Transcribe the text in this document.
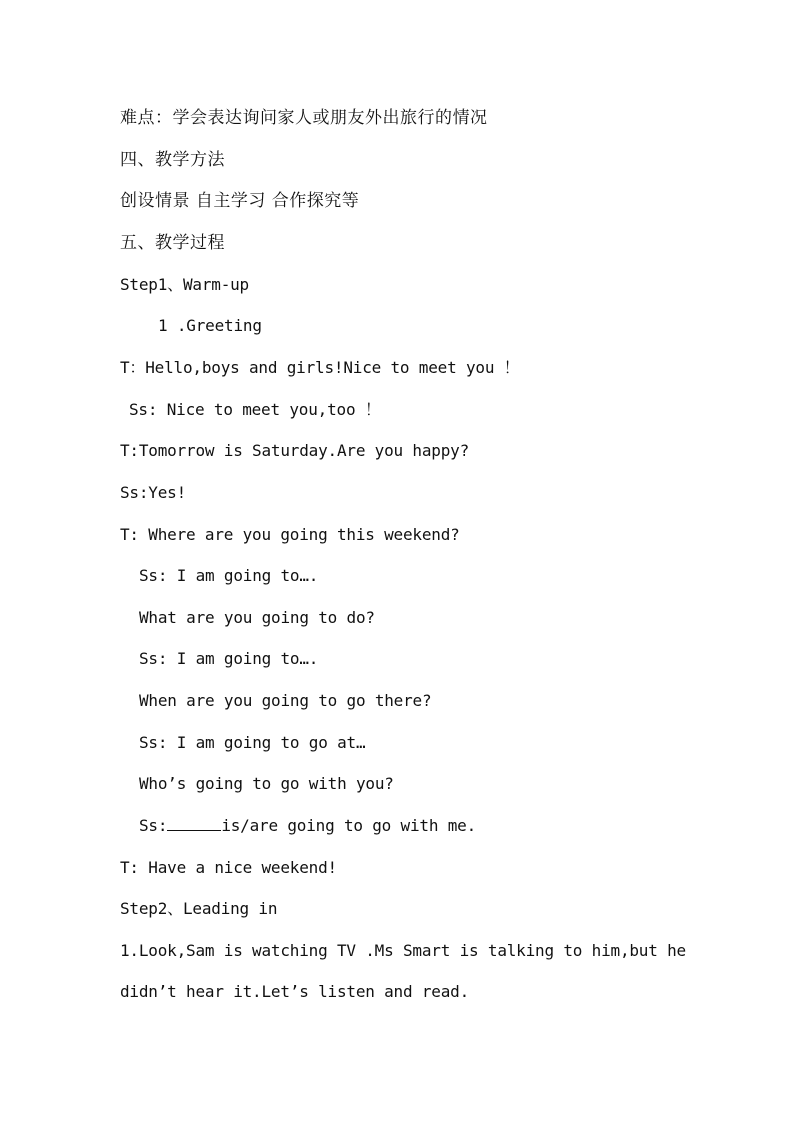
难点：学会表达询问家人或朋友外出旅行的情况
四、教学方法
创设情景 自主学习 合作探究等
五、教学过程
Step1、Warm-up
1 .Greeting
T：Hello,boys and girls!Nice to meet you ！
Ss: Nice to meet you,too ！
T:Tomorrow is Saturday.Are you happy?
Ss:Yes!
T: Where are you going this weekend?
Ss: I am going to….
What are you going to do?
Ss: I am going to….
When are you going to go there?
Ss: I am going to go at…
Who’s going to go with you?
Ss:	is/are going to go with me.
T: Have a nice weekend!
Step2、Leading in
1.Look,Sam is watching TV .Ms Smart is talking to him,but he
didn’t hear it.Let’s listen and read.
